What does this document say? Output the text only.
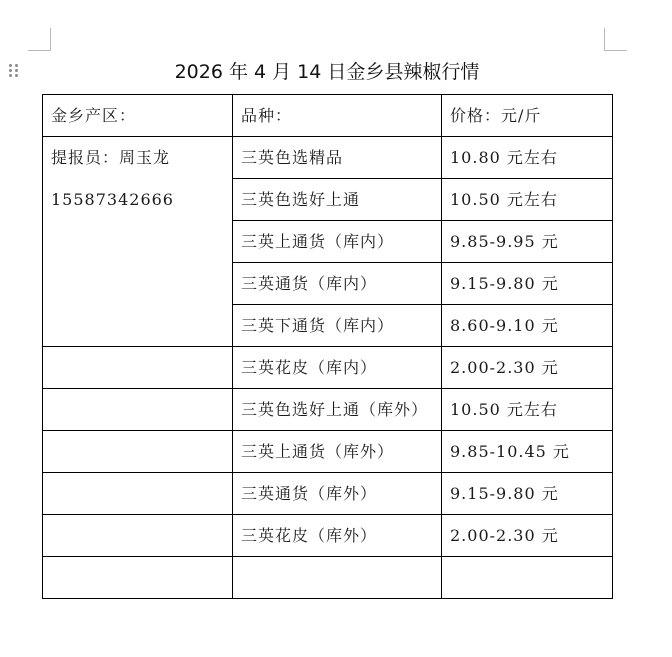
2026 年 4 月 14 日金乡县辣椒行情
金乡产区：	品种：	价格：元/斤

提报员：周玉龙
15587342666	三英色选精品	10.80 元左右
	三英色选好上通	10.50 元左右
	三英上通货（库内）	9.85-9.95 元
	三英通货（库内）	9.15-9.80 元
	三英下通货（库内）	8.60-9.10 元
	三英花皮（库内）	2.00-2.30 元
	三英色选好上通（库外）	10.50 元左右
	三英上通货（库外）	9.85-10.45 元
	三英通货（库外）	9.15-9.80 元
	三英花皮（库外）	2.00-2.30 元
